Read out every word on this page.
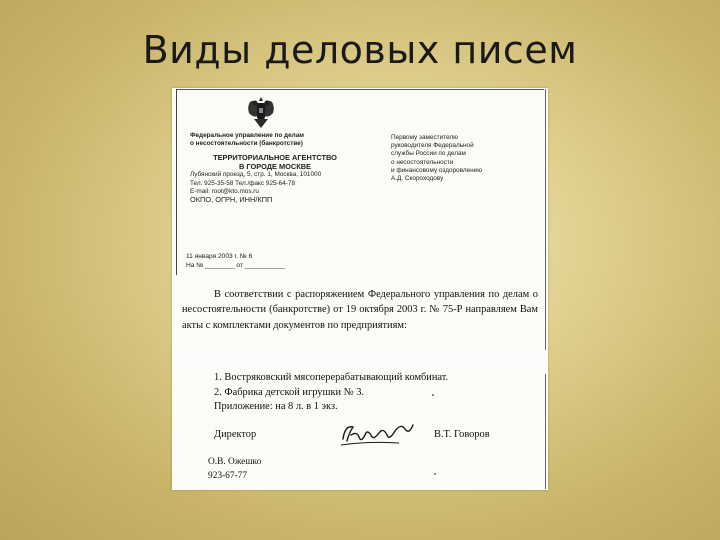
Виды деловых писем
Федеральное управление по делам
о несостоятельности (банкротстве)
ТЕРРИТОРИАЛЬНОЕ АГЕНТСТВО
В ГОРОДЕ МОСКВЕ
Лубянский проезд, 5, стр. 1, Москва, 101000
Тел. 925-35-58 Тел./факс 925-64-78
E-mail: root@kto.mos.ru
ОКПО, ОГРН, ИНН/КПП
Первому заместителю
руководителя Федеральной
службы России по делам
о несостоятельности
и финансовому оздоровлению
А.Д. Скороходову
11 января 2003 г. № 6
На № ________ от ___________

В соответствии с распоряжением Федерального управления по делам о несостоятельности (банкротстве) от 19 октября 2003 г. № 75-Р направляем Вам акты с комплектами документов по предприятиям:

1. Востряковский мясоперерабатывающий комбинат.
2. Фабрика детской игрушки № 3.
Приложение: на 8 л. в 1 экз.
Директор	В.Т. Говоров
О.В. Ожешко
923-67-77
